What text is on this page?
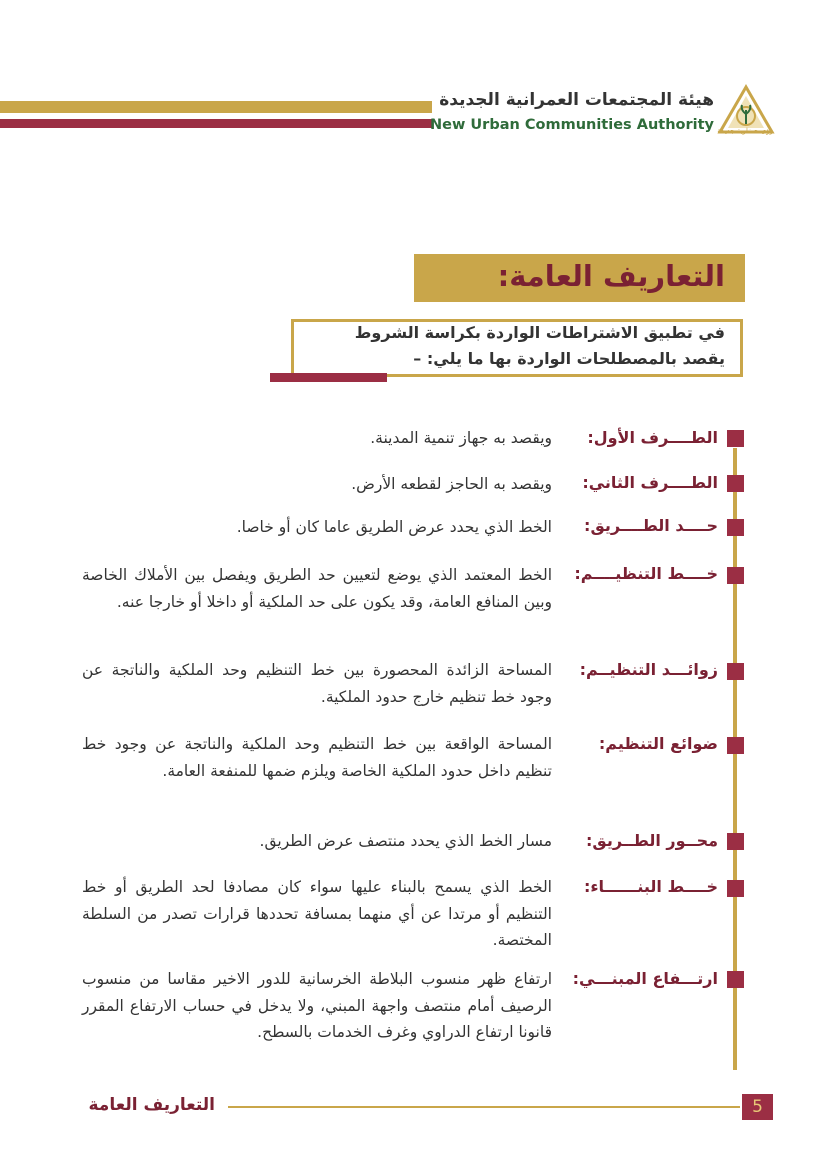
هيئة المجتمعات العمرانية الجديدة
New Urban Communities Authority رؤى حضارية جديدة
التعاريف العامة:
في تطبيق الاشتراطات الواردة بكراسة الشروط
يقصد بالمصطلحات الواردة بها ما يلي: –
الطــــرف الأول:
ويقصد به جهاز تنمية المدينة.
الطــــرف الثاني:
ويقصد به الحاجز لقطعه الأرض.
حــــد الطــــريق:
الخط الذي يحدد عرض الطريق عاما كان أو خاصا.
خــــط التنظيــــم:
الخط المعتمد الذي يوضع لتعيين حد الطريق ويفصل بين الأملاك الخاصة وبين المنافع العامة، وقد يكون على حد الملكية أو داخلا أو خارجا عنه.
زوائـــد التنظيــم:
المساحة الزائدة المحصورة بين خط التنظيم وحد الملكية والناتجة عن وجود خط تنظيم خارج حدود الملكية.
ضوائع التنظيم:
المساحة الواقعة بين خط التنظيم وحد الملكية والناتجة عن وجود خط تنظيم داخل حدود الملكية الخاصة ويلزم ضمها للمنفعة العامة.
محــور الطــريق:
مسار الخط الذي يحدد منتصف عرض الطريق.
خــــط البنــــــاء:
الخط الذي يسمح بالبناء عليها سواء كان مصادفا لحد الطريق أو خط التنظيم أو مرتدا عن أي منهما بمسافة تحددها قرارات تصدر من السلطة المختصة.
ارتـــفاع المبنـــي:
ارتفاع ظهر منسوب البلاطة الخرسانية للدور الاخير مقاسا من منسوب الرصيف أمام منتصف واجهة المبني، ولا يدخل في حساب الارتفاع المقرر قانونا ارتفاع الدراوي وغرف الخدمات بالسطح.
التعاريف العامة	5
